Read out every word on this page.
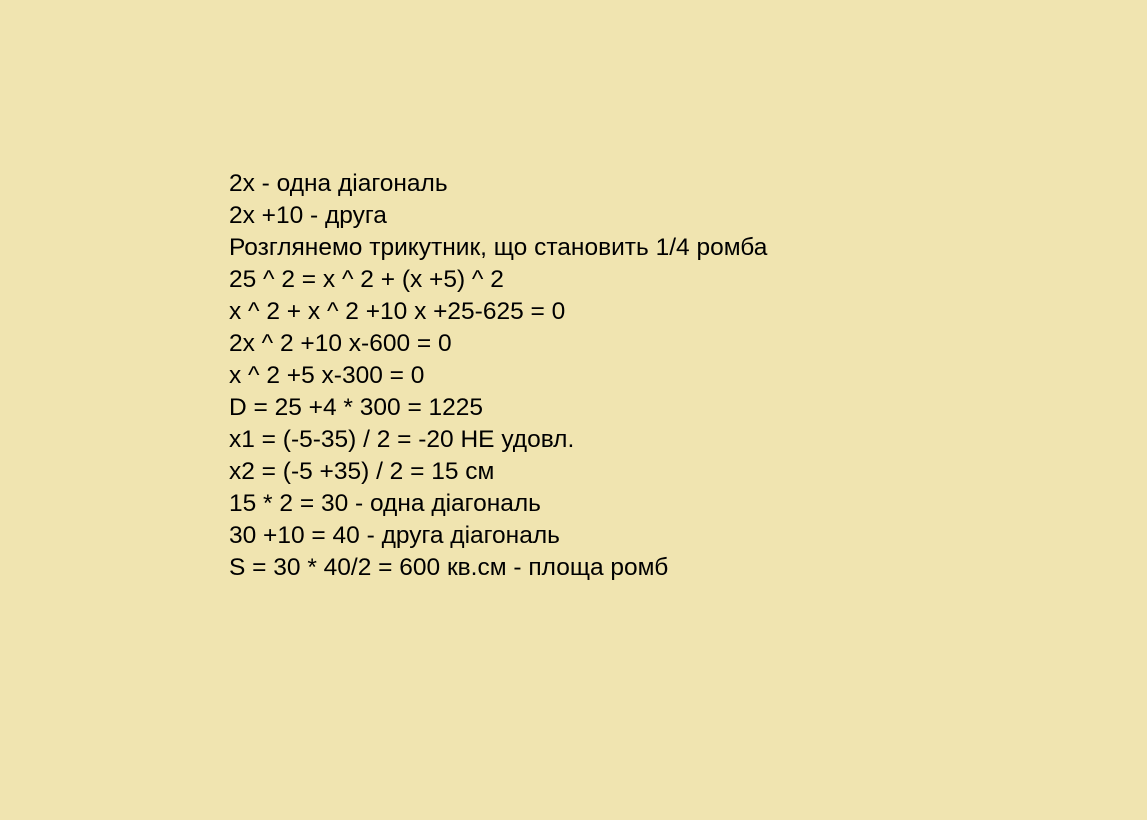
2x - одна діагональ
2x +10 - друга
Розглянемо трикутник, що становить 1/4 ромба
25 ^ 2 = x ^ 2 + (x +5) ^ 2
x ^ 2 + x ^ 2 +10 x +25-625 = 0
2x ^ 2 +10 x-600 = 0
x ^ 2 +5 x-300 = 0
D = 25 +4 * 300 = 1225
x1 = (-5-35) / 2 = -20 НЕ удовл.
x2 = (-5 +35) / 2 = 15 см
15 * 2 = 30 - одна діагональ
30 +10 = 40 - друга діагональ
S = 30 * 40/2 = 600 кв.см - площа ромб
